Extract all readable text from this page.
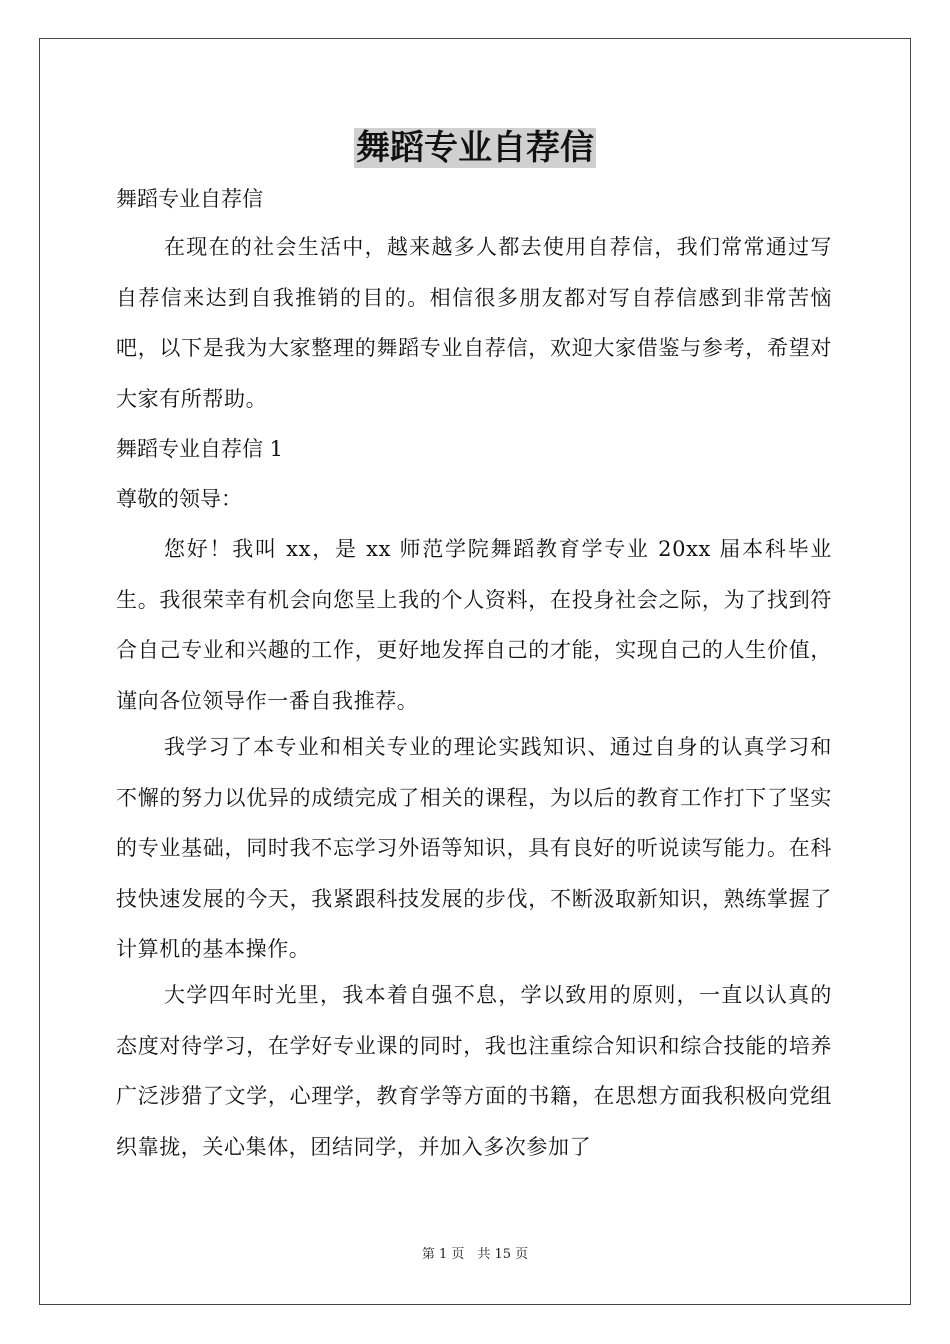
舞蹈专业自荐信
舞蹈专业自荐信
在现在的社会生活中，越来越多人都去使用自荐信，我们常常通过写自荐信来达到自我推销的目的。相信很多朋友都对写自荐信感到非常苦恼吧，以下是我为大家整理的舞蹈专业自荐信，欢迎大家借鉴与参考，希望对大家有所帮助。
舞蹈专业自荐信 1
尊敬的领导：
您好！我叫 xx，是 xx 师范学院舞蹈教育学专业 20xx 届本科毕业生。我很荣幸有机会向您呈上我的个人资料，在投身社会之际，为了找到符合自己专业和兴趣的工作，更好地发挥自己的才能，实现自己的人生价值，谨向各位领导作一番自我推荐。
我学习了本专业和相关专业的理论实践知识、通过自身的认真学习和不懈的努力以优异的成绩完成了相关的课程，为以后的教育工作打下了坚实的专业基础，同时我不忘学习外语等知识，具有良好的听说读写能力。在科技快速发展的今天，我紧跟科技发展的步伐，不断汲取新知识，熟练掌握了计算机的基本操作。
大学四年时光里，我本着自强不息，学以致用的原则，一直以认真的态度对待学习，在学好专业课的同时，我也注重综合知识和综合技能的培养广泛涉猎了文学，心理学，教育学等方面的书籍，在思想方面我积极向党组织靠拢，关心集体，团结同学，并加入多次参加了
第 1 页　共 15 页
